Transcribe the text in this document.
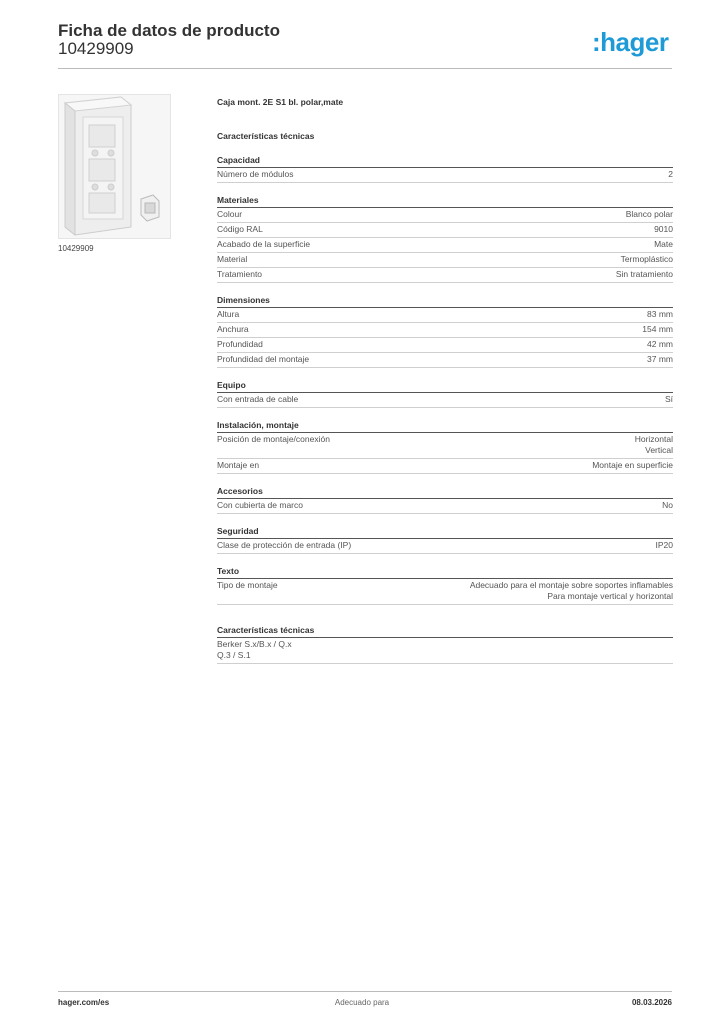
Ficha de datos de producto
10429909	:hager
10429909
Caja mont. 2E S1 bl. polar,mate
Características técnicas
Capacidad
Número de módulos	2
Materiales
Colour	Blanco polar
Código RAL	9010
Acabado de la superficie	Mate
Material	Termoplástico
Tratamiento	Sin tratamiento
Dimensiones
Altura	83 mm
Anchura	154 mm
Profundidad	42 mm
Profundidad del montaje	37 mm
Equipo
Con entrada de cable	Sí
Instalación, montaje
Posición de montaje/conexión	Horizontal
Vertical
Montaje en	Montaje en superficie
Accesorios
Con cubierta de marco	No
Seguridad
Clase de protección de entrada (IP)	IP20
Texto
Tipo de montaje	Adecuado para el montaje sobre soportes inflamables
Para montaje vertical y horizontal
Características técnicas
Berker S.x/B.x / Q.x
Q.3 / S.1
hager.com/es	Adecuado para	08.03.2026
